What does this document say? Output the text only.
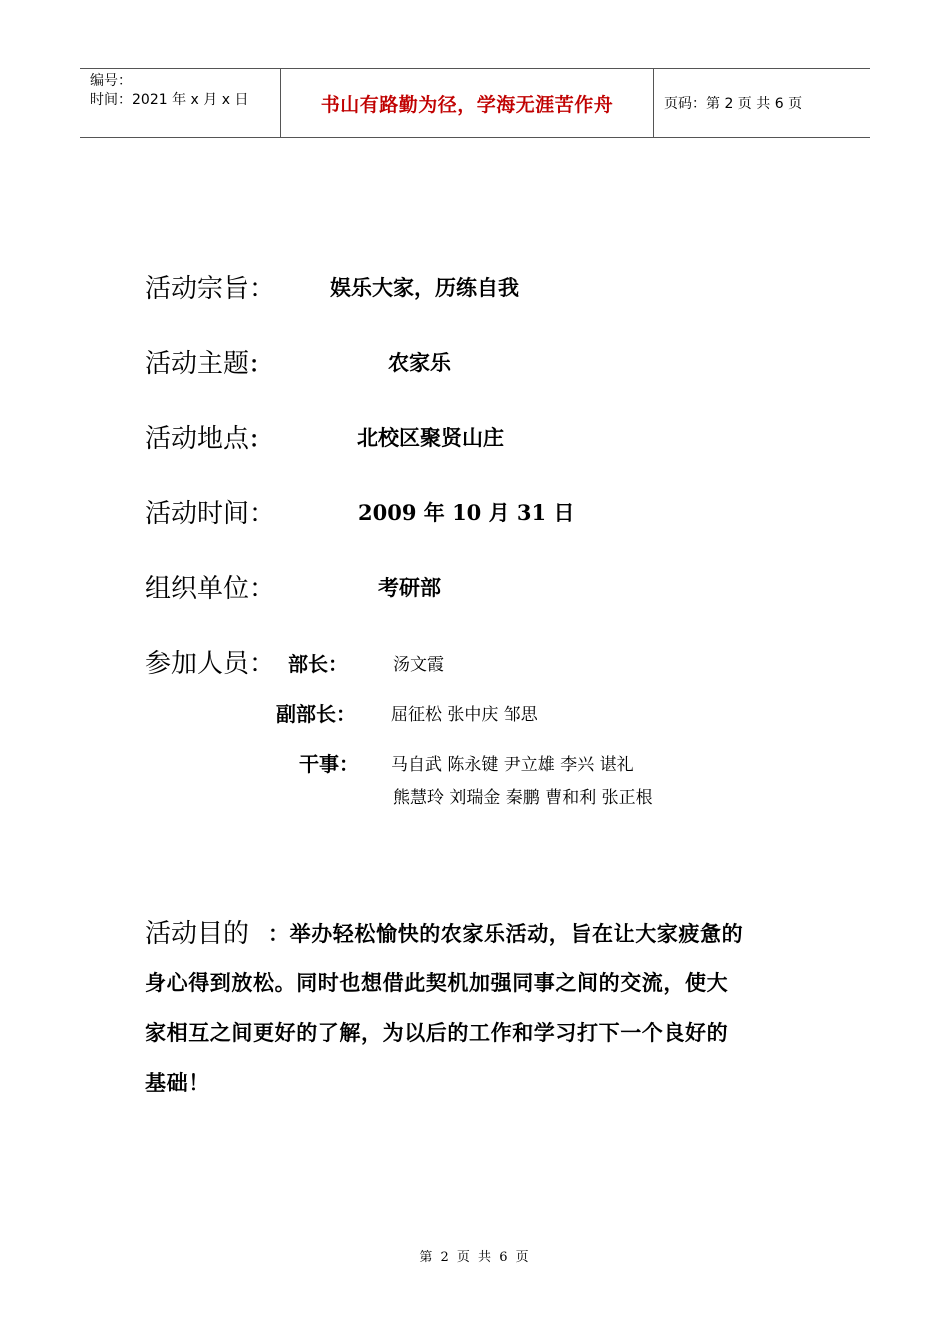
编号：
时间：2021 年 x 月 x 日	书山有路勤为径，学海无涯苦作舟	页码：第 2 页 共 6 页
活动宗旨：	娱乐大家，历练自我
活动主题：	农家乐
活动地点：	北校区聚贤山庄
活动时间：	2009 年 10 月 31 日
组织单位：	考研部
参加人员： 部长：	汤文霞
副部长： 屈征松 张中庆 邹思
干事： 马自武 陈永键 尹立雄 李兴 谌礼
熊慧玲 刘瑞金 秦鹏 曹和利 张正根
活动目的 ：举办轻松愉快的农家乐活动，旨在让大家疲惫的
身心得到放松。同时也想借此契机加强同事之间的交流，使大
家相互之间更好的了解，为以后的工作和学习打下一个良好的
基础！
第 2 页 共 6 页
